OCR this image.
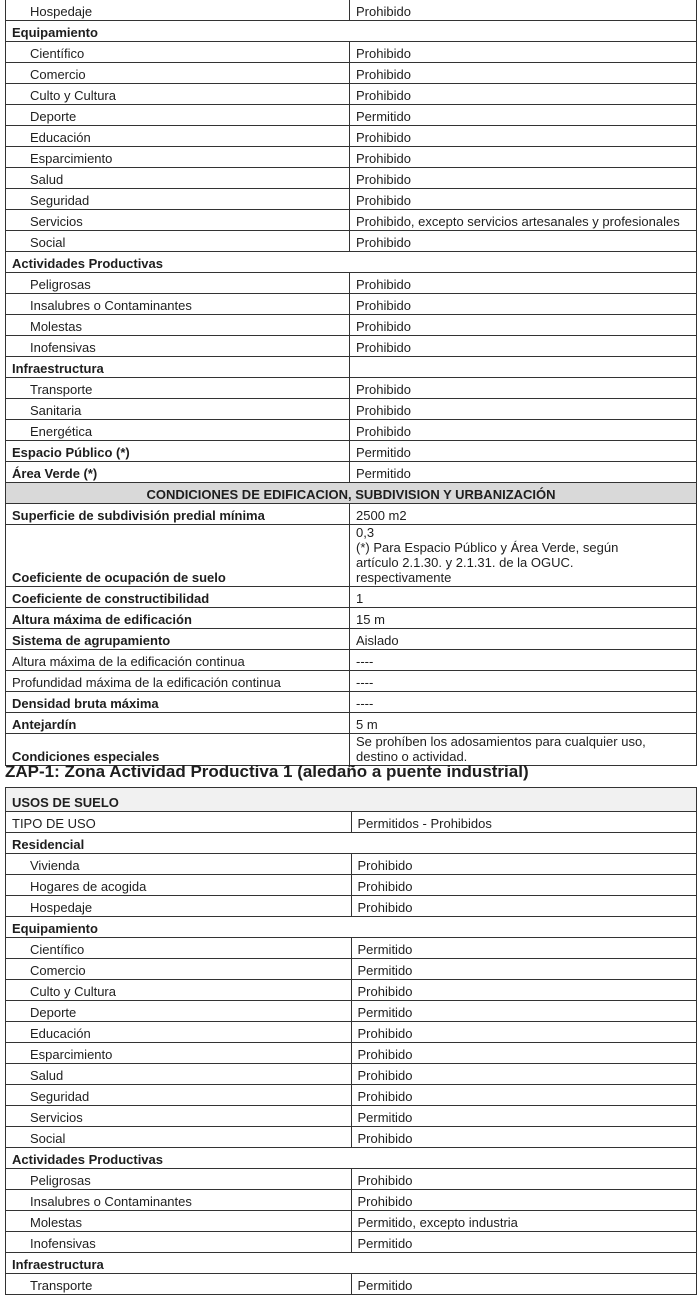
Hospedaje	Prohibido
Equipamiento	
Científico	Prohibido
Comercio	Prohibido
Culto y Cultura	Prohibido
Deporte	Permitido
Educación	Prohibido
Esparcimiento	Prohibido
Salud	Prohibido
Seguridad	Prohibido
Servicios	Prohibido, excepto servicios artesanales y profesionales
Social	Prohibido
Actividades Productivas	
Peligrosas	Prohibido
Insalubres o Contaminantes	Prohibido
Molestas	Prohibido
Inofensivas	Prohibido
Infraestructura	
Transporte	Prohibido
Sanitaria	Prohibido
Energética	Prohibido
Espacio Público (*)	Permitido
Área Verde (*)	Permitido
CONDICIONES DE EDIFICACION, SUBDIVISION Y URBANIZACIÓN	
Superficie de subdivisión predial mínima	2500 m2
Coeficiente de ocupación de suelo	0,3
(*) Para Espacio Público y Área Verde, según artículo 2.1.30. y 2.1.31. de la OGUC. respectivamente

Coeficiente de constructibilidad	1
Altura máxima de edificación	15 m
Sistema de agrupamiento	Aislado
Altura máxima de la edificación continua	----
Profundidad máxima de la edificación continua	----
Densidad bruta máxima	----
Antejardín	5 m
Condiciones especiales	Se prohíben los adosamientos para cualquier uso, destino o actividad.
ZAP-1: Zona Actividad Productiva 1 (aledaño a puente industrial)
USOS DE SUELO	
TIPO DE USO	Permitidos - Prohibidos
Residencial	
Vivienda	Prohibido
Hogares de acogida	Prohibido
Hospedaje	Prohibido
Equipamiento	
Científico	Permitido
Comercio	Permitido
Culto y Cultura	Prohibido
Deporte	Permitido
Educación	Prohibido
Esparcimiento	Prohibido
Salud	Prohibido
Seguridad	Prohibido
Servicios	Permitido
Social	Prohibido
Actividades Productivas	
Peligrosas	Prohibido
Insalubres o Contaminantes	Prohibido
Molestas	Permitido, excepto industria
Inofensivas	Permitido
Infraestructura	
Transporte	Permitido
